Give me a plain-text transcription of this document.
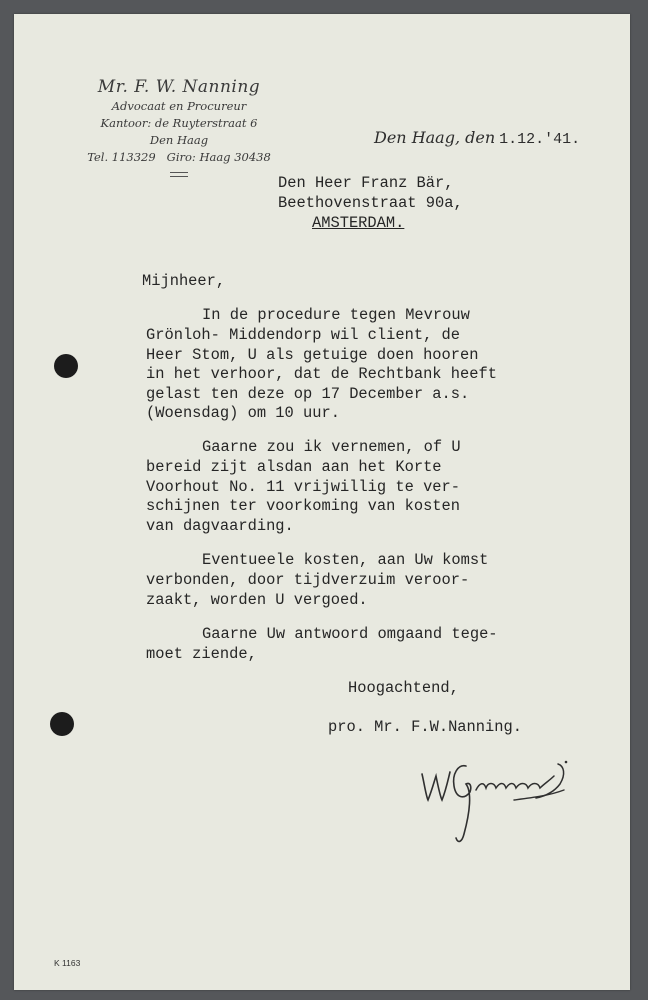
Mr. F. W. Nanning
Advocaat en Procureur
Kantoor: de Ruyterstraat 6
Den Haag
Tel. 113329   Giro: Haag 30438
Den Haag, den 1.12.'41.
Den Heer Franz Bär,
Beethovenstraat 90a,
AMSTERDAM.
Mijnheer,
In de procedure tegen Mevrouw
Grönloh- Middendorp wil client, de
Heer Stom, U als getuige doen hooren
in het verhoor, dat de Rechtbank heeft
gelast ten deze op 17 December a.s.
(Woensdag) om 10 uur.
Gaarne zou ik vernemen, of U
bereid zijt alsdan aan het Korte
Voorhout No. 11 vrijwillig te ver-
schijnen ter voorkoming van kosten
van dagvaarding.
Eventueele kosten, aan Uw komst
verbonden, door tijdverzuim veroor-
zaakt, worden U vergoed.
Gaarne Uw antwoord omgaand tege-
moet ziende,
Hoogachtend,
pro. Mr. F.W.Nanning.
K 1163
